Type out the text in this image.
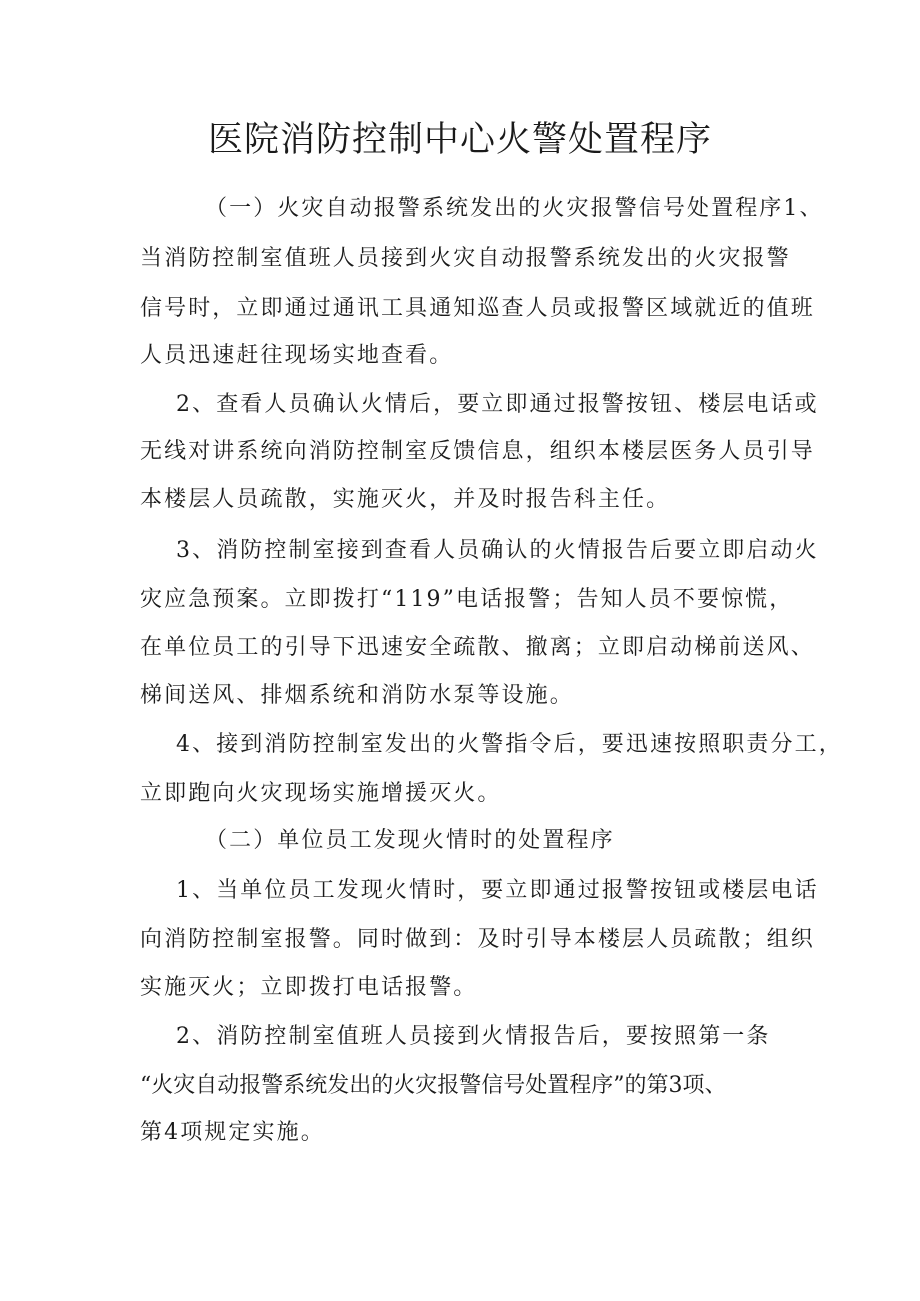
医院消防控制中心火警处置程序
（一）火灾自动报警系统发出的火灾报警信号处置程序1、
当消防控制室值班人员接到火灾自动报警系统发出的火灾报警
信号时，立即通过通讯工具通知巡查人员或报警区域就近的值班
人员迅速赶往现场实地查看。
2、查看人员确认火情后，要立即通过报警按钮、楼层电话或
无线对讲系统向消防控制室反馈信息，组织本楼层医务人员引导
本楼层人员疏散，实施灭火，并及时报告科主任。
3、消防控制室接到查看人员确认的火情报告后要立即启动火
灾应急预案。立即拨打“119”电话报警；告知人员不要惊慌，
在单位员工的引导下迅速安全疏散、撤离；立即启动梯前送风、
梯间送风、排烟系统和消防水泵等设施。
4、接到消防控制室发出的火警指令后，要迅速按照职责分工，
立即跑向火灾现场实施增援灭火。
（二）单位员工发现火情时的处置程序
1、当单位员工发现火情时，要立即通过报警按钮或楼层电话
向消防控制室报警。同时做到：及时引导本楼层人员疏散；组织
实施灭火；立即拨打电话报警。
2、消防控制室值班人员接到火情报告后，要按照第一条
“火灾自动报警系统发出的火灾报警信号处置程序”的第3项、
第4项规定实施。
